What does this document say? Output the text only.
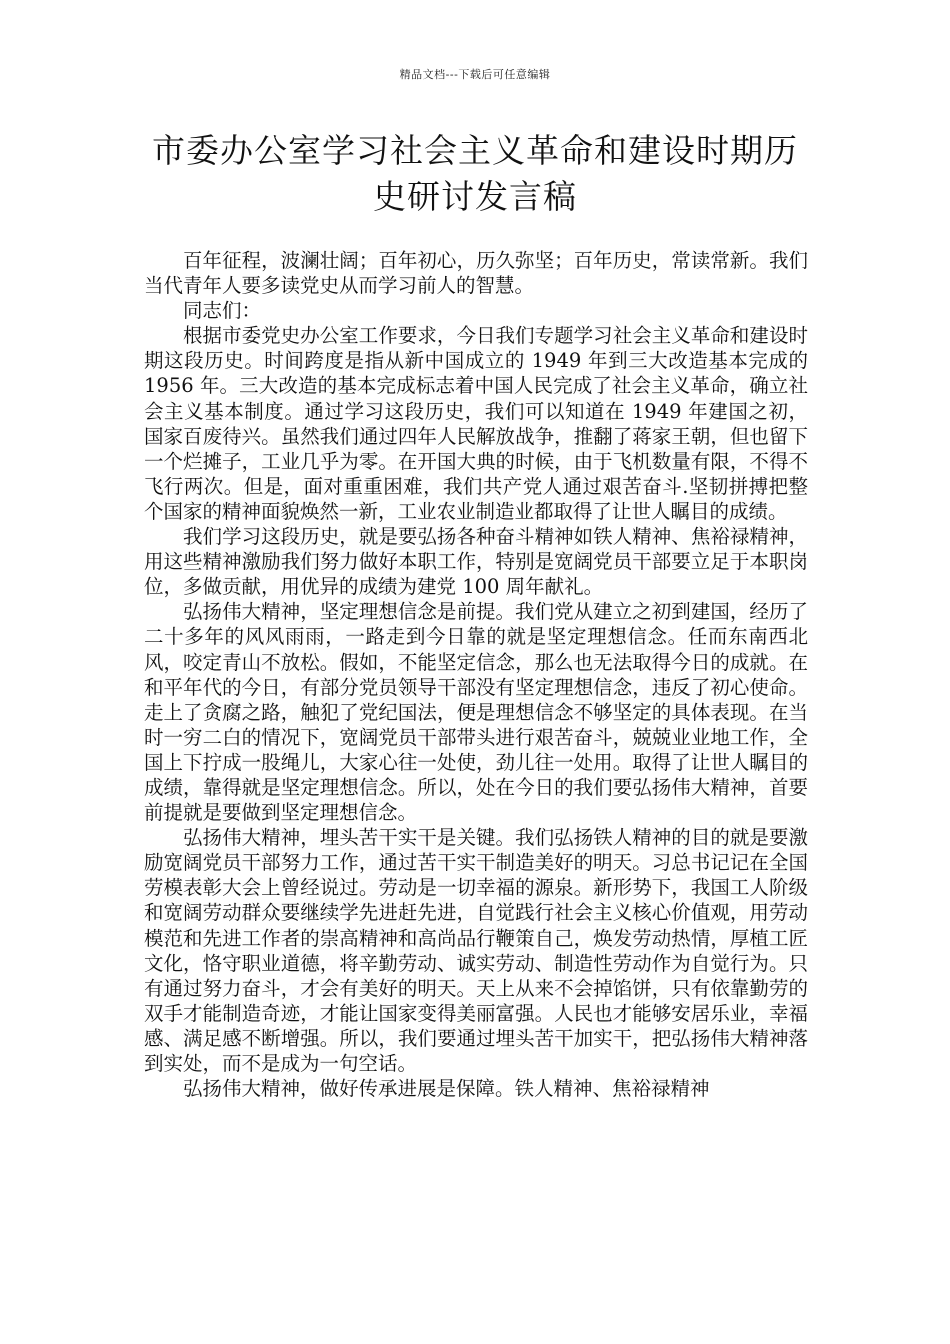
精品文档---下载后可任意编辑
市委办公室学习社会主义革命和建设时期历史研讨发言稿

百年征程，波澜壮阔；百年初心，历久弥坚；百年历史，常读常新。我们当代青年人要多读党史从而学习前人的智慧。

同志们：

根据市委党史办公室工作要求，今日我们专题学习社会主义革命和建设时期这段历史。时间跨度是指从新中国成立的 1949 年到三大改造基本完成的 1956 年。三大改造的基本完成标志着中国人民完成了社会主义革命，确立社会主义基本制度。通过学习这段历史，我们可以知道在 1949 年建国之初，国家百废待兴。虽然我们通过四年人民解放战争，推翻了蒋家王朝，但也留下一个烂摊子，工业几乎为零。在开国大典的时候，由于飞机数量有限，不得不飞行两次。但是，面对重重困难，我们共产党人通过艰苦奋斗.坚韧拼搏把整个国家的精神面貌焕然一新，工业农业制造业都取得了让世人瞩目的成绩。

我们学习这段历史，就是要弘扬各种奋斗精神如铁人精神、焦裕禄精神，用这些精神激励我们努力做好本职工作，特别是宽阔党员干部要立足于本职岗位，多做贡献，用优异的成绩为建党 100 周年献礼。

弘扬伟大精神，坚定理想信念是前提。我们党从建立之初到建国，经历了二十多年的风风雨雨，一路走到今日靠的就是坚定理想信念。任而东南西北风，咬定青山不放松。假如，不能坚定信念，那么也无法取得今日的成就。在和平年代的今日，有部分党员领导干部没有坚定理想信念，违反了初心使命。走上了贪腐之路，触犯了党纪国法，便是理想信念不够坚定的具体表现。在当时一穷二白的情况下，宽阔党员干部带头进行艰苦奋斗，兢兢业业地工作，全国上下拧成一股绳儿，大家心往一处使，劲儿往一处用。取得了让世人瞩目的成绩，靠得就是坚定理想信念。所以，处在今日的我们要弘扬伟大精神，首要前提就是要做到坚定理想信念。

弘扬伟大精神，埋头苦干实干是关键。我们弘扬铁人精神的目的就是要激励宽阔党员干部努力工作，通过苦干实干制造美好的明天。习总书记记在全国劳模表彰大会上曾经说过。劳动是一切幸福的源泉。新形势下，我国工人阶级和宽阔劳动群众要继续学先进赶先进，自觉践行社会主义核心价值观，用劳动模范和先进工作者的崇高精神和高尚品行鞭策自己，焕发劳动热情，厚植工匠文化，恪守职业道德，将辛勤劳动、诚实劳动、制造性劳动作为自觉行为。只有通过努力奋斗，才会有美好的明天。天上从来不会掉馅饼，只有依靠勤劳的双手才能制造奇迹，才能让国家变得美丽富强。人民也才能够安居乐业，幸福感、满足感不断增强。所以，我们要通过埋头苦干加实干，把弘扬伟大精神落到实处，而不是成为一句空话。

弘扬伟大精神，做好传承进展是保障。铁人精神、焦裕禄精神
